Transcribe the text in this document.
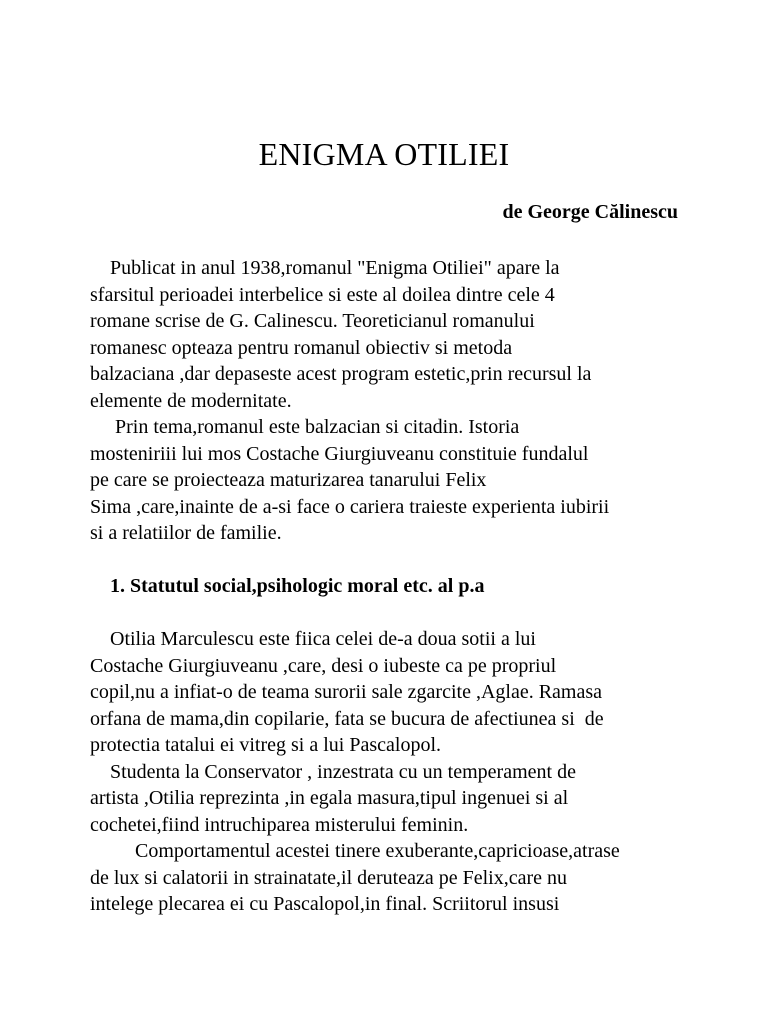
ENIGMA OTILIEI

de George Călinescu

Publicat in anul 1938,romanul "Enigma Otiliei" apare la
sfarsitul perioadei interbelice si este al doilea dintre cele 4
romane scrise de G. Calinescu. Teoreticianul romanului
romanesc opteaza pentru romanul obiectiv si metoda
balzaciana ,dar depaseste acest program estetic,prin recursul la
elemente de modernitate.
Prin tema,romanul este balzacian si citadin. Istoria
mosteniriii lui mos Costache Giurgiuveanu constituie fundalul
pe care se proiecteaza maturizarea tanarului Felix
Sima ,care,inainte de a-si face o cariera traieste experienta iubirii
si a relatiilor de familie.
1. Statutul social,psihologic moral etc. al p.a
Otilia Marculescu este fiica celei de-a doua sotii a lui
Costache Giurgiuveanu ,care, desi o iubeste ca pe propriul
copil,nu a infiat-o de teama surorii sale zgarcite ,Aglae. Ramasa
orfana de mama,din copilarie, fata se bucura de afectiunea si  de
protectia tatalui ei vitreg si a lui Pascalopol.
Studenta la Conservator , inzestrata cu un temperament de
artista ,Otilia reprezinta ,in egala masura,tipul ingenuei si al
cochetei,fiind intruchiparea misterului feminin.
Comportamentul acestei tinere exuberante,capricioase,atrase
de lux si calatorii in strainatate,il deruteaza pe Felix,care nu
intelege plecarea ei cu Pascalopol,in final. Scriitorul insusi
